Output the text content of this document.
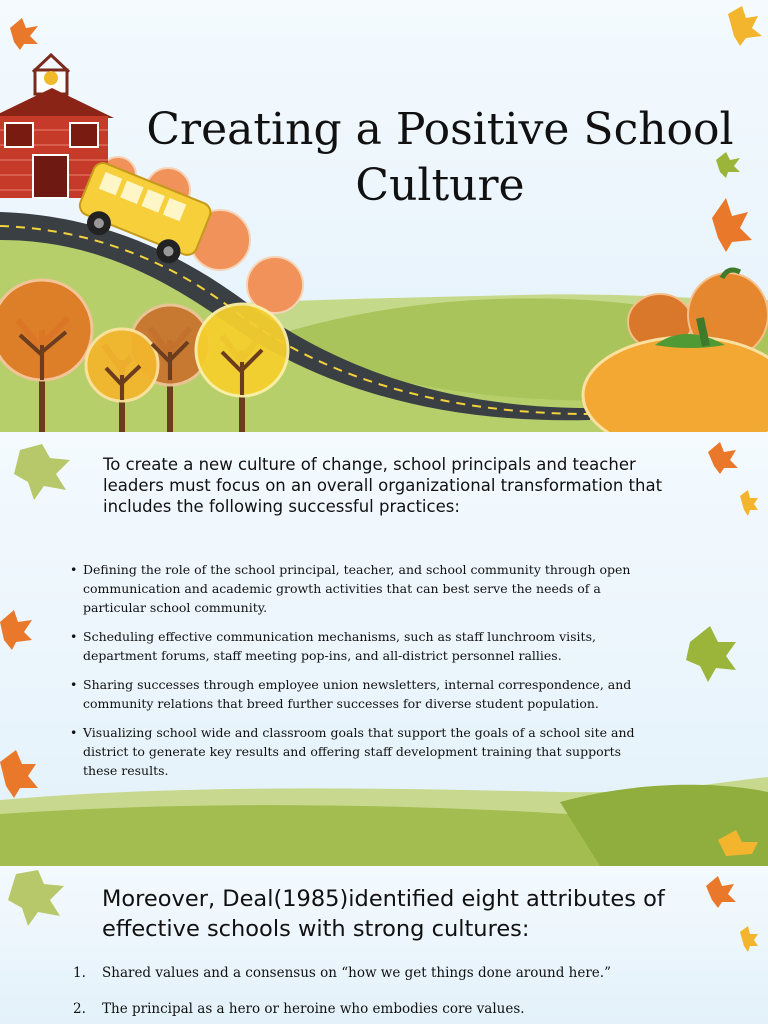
Creating a Positive School Culture

To create a new culture of change, school principals and teacher leaders must focus on an overall organizational transformation that includes the following successful practices:

• Defining the role of the school principal, teacher, and school community through open communication and academic growth activities that can best serve the needs of a particular school community.
• Scheduling effective communication mechanisms, such as staff lunchroom visits, department forums, staff meeting pop-ins, and all-district personnel rallies.
• Sharing successes through employee union newsletters, internal correspondence, and community relations that breed further successes for diverse student population.
• Visualizing school wide and classroom goals that support the goals of a school site and district to generate key results and offering staff development training that supports these results.
Moreover, Deal(1985)identified eight attributes of effective schools with strong cultures:
1. Shared values and a consensus on “how we get things done around here.”
2. The principal as a hero or heroine who embodies core values.
